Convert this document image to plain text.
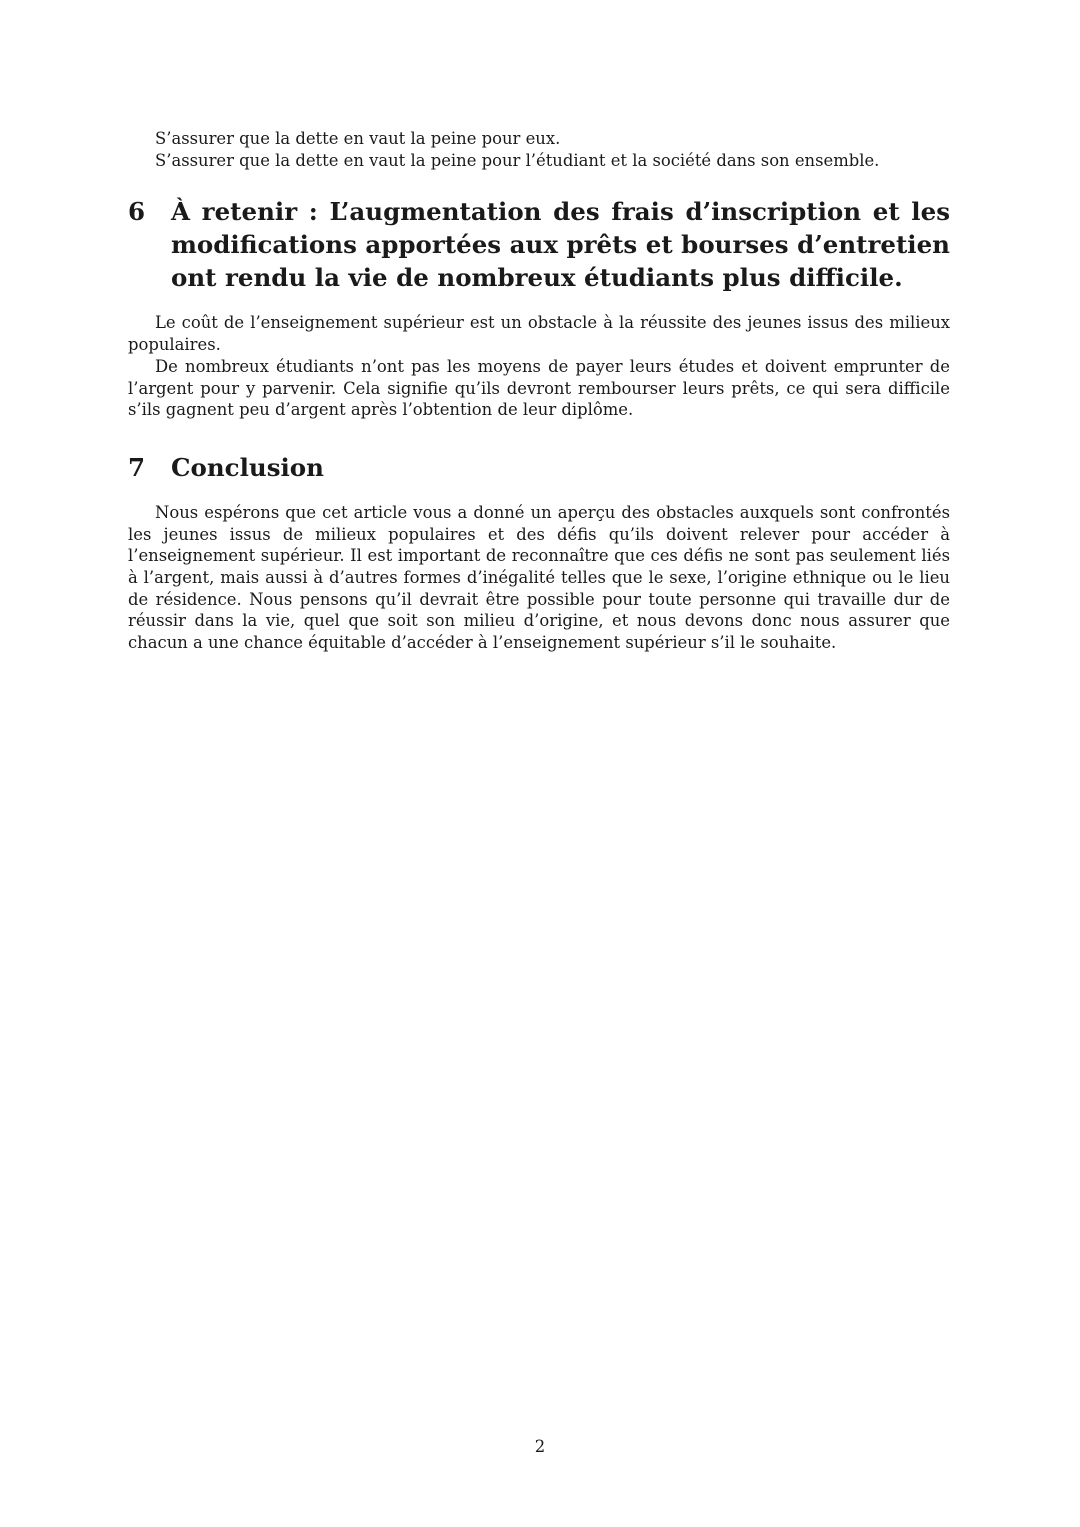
S’assurer que la dette en vaut la peine pour eux.

S’assurer que la dette en vaut la peine pour l’étudiant et la société dans son ensemble.

6 À retenir : L’augmentation des frais d’inscription et les modifications apportées aux prêts et bourses d’entretien ont rendu la vie de nombreux étudiants plus difficile.

Le coût de l’enseignement supérieur est un obstacle à la réussite des jeunes issus des milieux populaires.

De nombreux étudiants n’ont pas les moyens de payer leurs études et doivent emprunter de l’argent pour y parvenir. Cela signifie qu’ils devront rembourser leurs prêts, ce qui sera difficile s’ils gagnent peu d’argent après l’obtention de leur diplôme.

7 Conclusion

Nous espérons que cet article vous a donné un aperçu des obstacles auxquels sont confrontés les jeunes issus de milieux populaires et des défis qu’ils doivent relever pour accéder à l’enseignement supérieur. Il est important de reconnaître que ces défis ne sont pas seulement liés à l’argent, mais aussi à d’autres formes d’inégalité telles que le sexe, l’origine ethnique ou le lieu de résidence. Nous pensons qu’il devrait être possible pour toute personne qui travaille dur de réussir dans la vie, quel que soit son milieu d’origine, et nous devons donc nous assurer que chacun a une chance équitable d’accéder à l’enseignement supérieur s’il le souhaite.

2
